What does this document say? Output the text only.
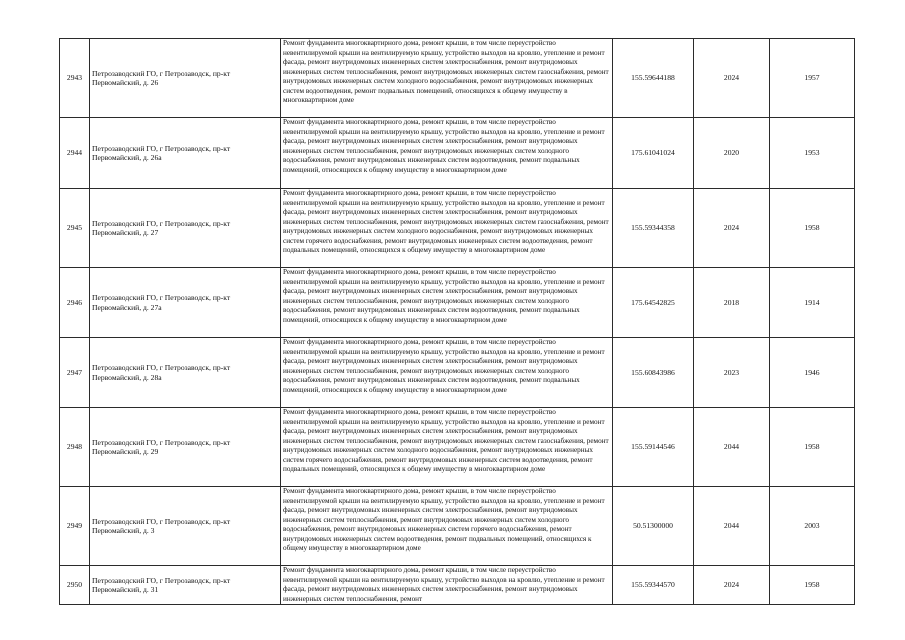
2943	Петрозаводский ГО, г Петрозаводск, пр-кт Первомайский, д. 26	Ремонт фундамента многоквартирного дома, ремонт крыши, в том числе переустройство невентилируемой крыши на вентилируемую крышу, устройство выходов на кровлю, утепление и ремонт фасада, ремонт внутридомовых инженерных систем электроснабжения, ремонт внутридомовых инженерных систем теплоснабжения, ремонт внутридомовых инженерных систем газоснабжения, ремонт внутридомовых инженерных систем холодного водоснабжения, ремонт внутридомовых инженерных систем водоотведения, ремонт подвальных помещений, относящихся к общему имуществу в многоквартирном доме	155.59644188	2024	1957
2944	Петрозаводский ГО, г Петрозаводск, пр-кт Первомайский, д. 26а	Ремонт фундамента многоквартирного дома, ремонт крыши, в том числе переустройство невентилируемой крыши на вентилируемую крышу, устройство выходов на кровлю, утепление и ремонт фасада, ремонт внутридомовых инженерных систем электроснабжения, ремонт внутридомовых инженерных систем теплоснабжения, ремонт внутридомовых инженерных систем холодного водоснабжения, ремонт внутридомовых инженерных систем водоотведения, ремонт подвальных помещений, относящихся к общему имуществу в многоквартирном доме	175.61041024	2020	1953
2945	Петрозаводский ГО, г Петрозаводск, пр-кт Первомайский, д. 27	Ремонт фундамента многоквартирного дома, ремонт крыши, в том числе переустройство невентилируемой крыши на вентилируемую крышу, устройство выходов на кровлю, утепление и ремонт фасада, ремонт внутридомовых инженерных систем электроснабжения, ремонт внутридомовых инженерных систем теплоснабжения, ремонт внутридомовых инженерных систем газоснабжения, ремонт внутридомовых инженерных систем холодного водоснабжения, ремонт внутридомовых инженерных систем горячего водоснабжения, ремонт внутридомовых инженерных систем водоотведения, ремонт подвальных помещений, относящихся к общему имуществу в многоквартирном доме	155.59344358	2024	1958
2946	Петрозаводский ГО, г Петрозаводск, пр-кт Первомайский, д. 27а	Ремонт фундамента многоквартирного дома, ремонт крыши, в том числе переустройство невентилируемой крыши на вентилируемую крышу, устройство выходов на кровлю, утепление и ремонт фасада, ремонт внутридомовых инженерных систем электроснабжения, ремонт внутридомовых инженерных систем теплоснабжения, ремонт внутридомовых инженерных систем холодного водоснабжения, ремонт внутридомовых инженерных систем водоотведения, ремонт подвальных помещений, относящихся к общему имуществу в многоквартирном доме	175.64542825	2018	1914
2947	Петрозаводский ГО, г Петрозаводск, пр-кт Первомайский, д. 28а	Ремонт фундамента многоквартирного дома, ремонт крыши, в том числе переустройство невентилируемой крыши на вентилируемую крышу, устройство выходов на кровлю, утепление и ремонт фасада, ремонт внутридомовых инженерных систем электроснабжения, ремонт внутридомовых инженерных систем теплоснабжения, ремонт внутридомовых инженерных систем холодного водоснабжения, ремонт внутридомовых инженерных систем водоотведения, ремонт подвальных помещений, относящихся к общему имуществу в многоквартирном доме	155.60843986	2023	1946
2948	Петрозаводский ГО, г Петрозаводск, пр-кт Первомайский, д. 29	Ремонт фундамента многоквартирного дома, ремонт крыши, в том числе переустройство невентилируемой крыши на вентилируемую крышу, устройство выходов на кровлю, утепление и ремонт фасада, ремонт внутридомовых инженерных систем электроснабжения, ремонт внутридомовых инженерных систем теплоснабжения, ремонт внутридомовых инженерных систем газоснабжения, ремонт внутридомовых инженерных систем холодного водоснабжения, ремонт внутридомовых инженерных систем горячего водоснабжения, ремонт внутридомовых инженерных систем водоотведения, ремонт подвальных помещений, относящихся к общему имуществу в многоквартирном доме	155.59144546	2044	1958
2949	Петрозаводский ГО, г Петрозаводск, пр-кт Первомайский, д. 3	Ремонт фундамента многоквартирного дома, ремонт крыши, в том числе переустройство невентилируемой крыши на вентилируемую крышу, устройство выходов на кровлю, утепление и ремонт фасада, ремонт внутридомовых инженерных систем электроснабжения, ремонт внутридомовых инженерных систем теплоснабжения, ремонт внутридомовых инженерных систем холодного водоснабжения, ремонт внутридомовых инженерных систем горячего водоснабжения, ремонт внутридомовых инженерных систем водоотведения, ремонт подвальных помещений, относящихся к общему имуществу в многоквартирном доме	50.51300000	2044	2003
2950	Петрозаводский ГО, г Петрозаводск, пр-кт Первомайский, д. 31	Ремонт фундамента многоквартирного дома, ремонт крыши, в том числе переустройство невентилируемой крыши на вентилируемую крышу, устройство выходов на кровлю, утепление и ремонт фасада, ремонт внутридомовых инженерных систем электроснабжения, ремонт внутридомовых инженерных систем теплоснабжения, ремонт	155.59344570	2024	1958
